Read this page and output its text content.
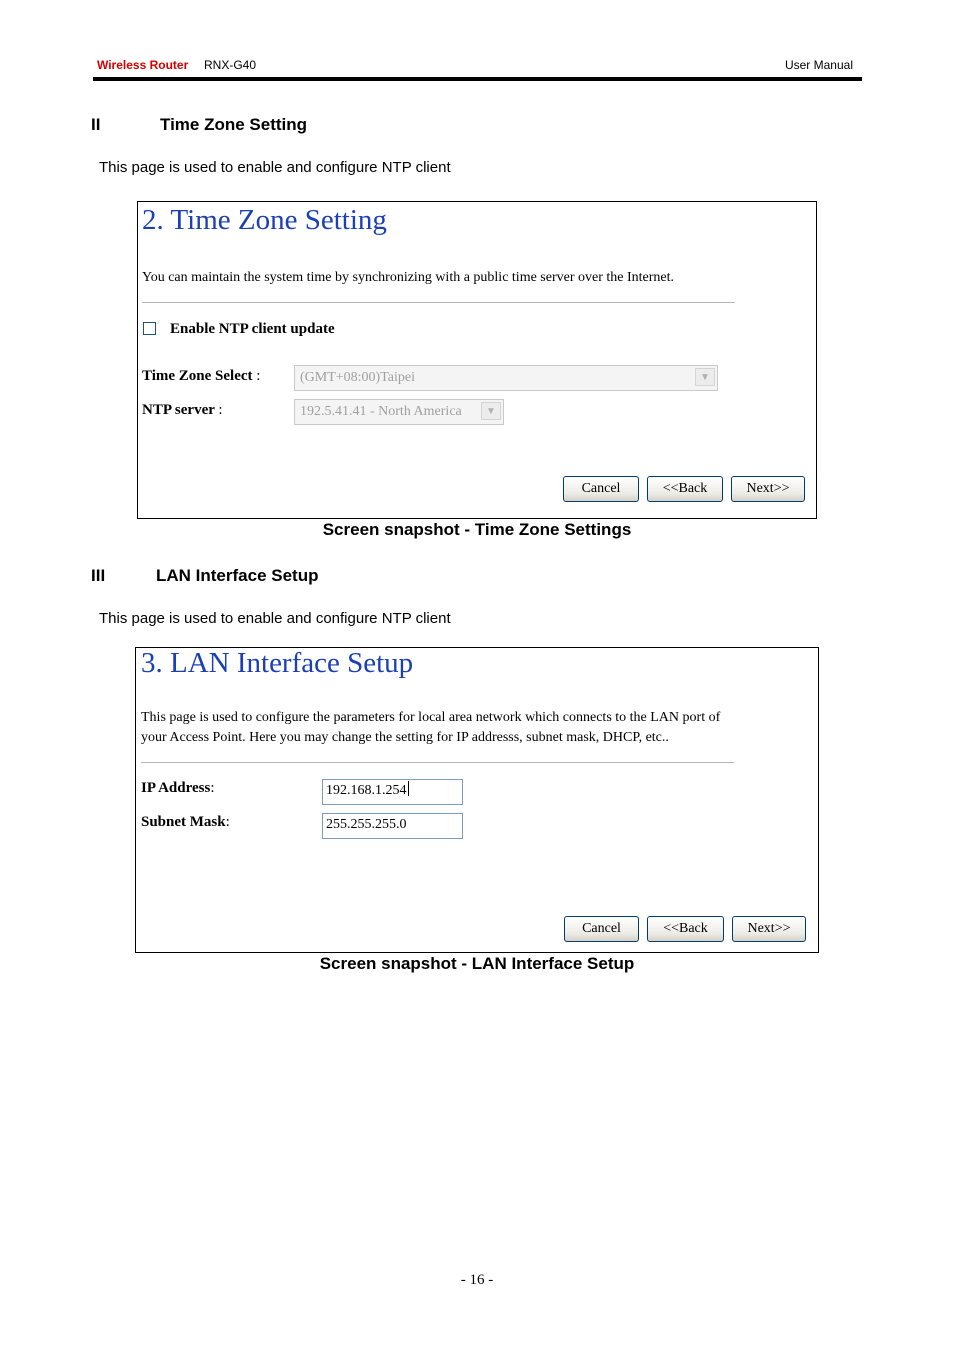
Wireless Router RNX-G40	User Manual
II	Time Zone Setting
This page is used to enable and configure NTP client
2. Time Zone Setting
You can maintain the system time by synchronizing with a public time server over the Internet.
Enable NTP client update
Time Zone Select :	(GMT+08:00)Taipei	▼
NTP server :	192.5.41.41 - North America	▼
Cancel	<<Back	Next>>
Screen snapshot - Time Zone Settings
III	LAN Interface Setup
This page is used to enable and configure NTP client
3. LAN Interface Setup
This page is used to configure the parameters for local area network which connects to the LAN port of
your Access Point. Here you may change the setting for IP addresss, subnet mask, DHCP, etc..
IP Address:	192.168.1.254
Subnet Mask:	255.255.255.0
Cancel	<<Back	Next>>
Screen snapshot - LAN Interface Setup
- 16 -
